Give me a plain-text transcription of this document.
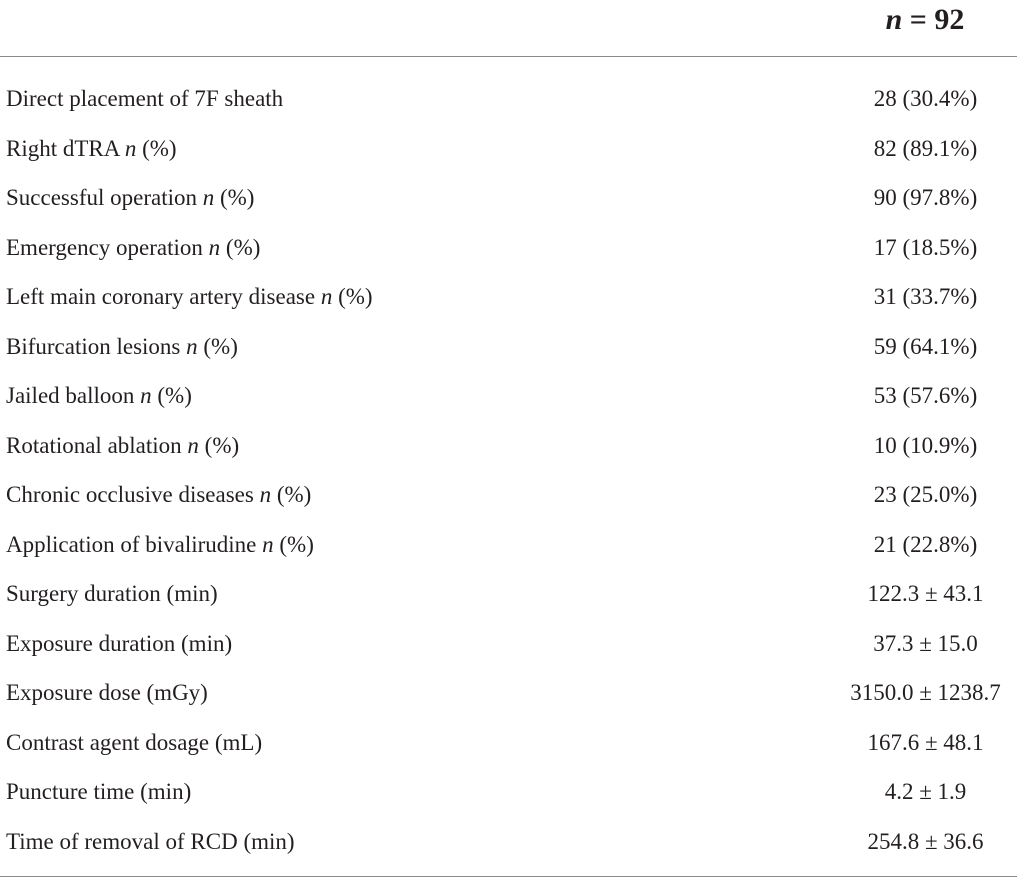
n = 92
Direct placement of 7F sheath	28 (30.4%)
Right dTRA n (%)	82 (89.1%)
Successful operation n (%)	90 (97.8%)
Emergency operation n (%)	17 (18.5%)
Left main coronary artery disease n (%)	31 (33.7%)
Bifurcation lesions n (%)	59 (64.1%)
Jailed balloon n (%)	53 (57.6%)
Rotational ablation n (%)	10 (10.9%)
Chronic occlusive diseases n (%)	23 (25.0%)
Application of bivalirudine n (%)	21 (22.8%)
Surgery duration (min)	122.3 ± 43.1
Exposure duration (min)	37.3 ± 15.0
Exposure dose (mGy)	3150.0 ± 1238.7
Contrast agent dosage (mL)	167.6 ± 48.1
Puncture time (min)	4.2 ± 1.9
Time of removal of RCD (min)	254.8 ± 36.6
